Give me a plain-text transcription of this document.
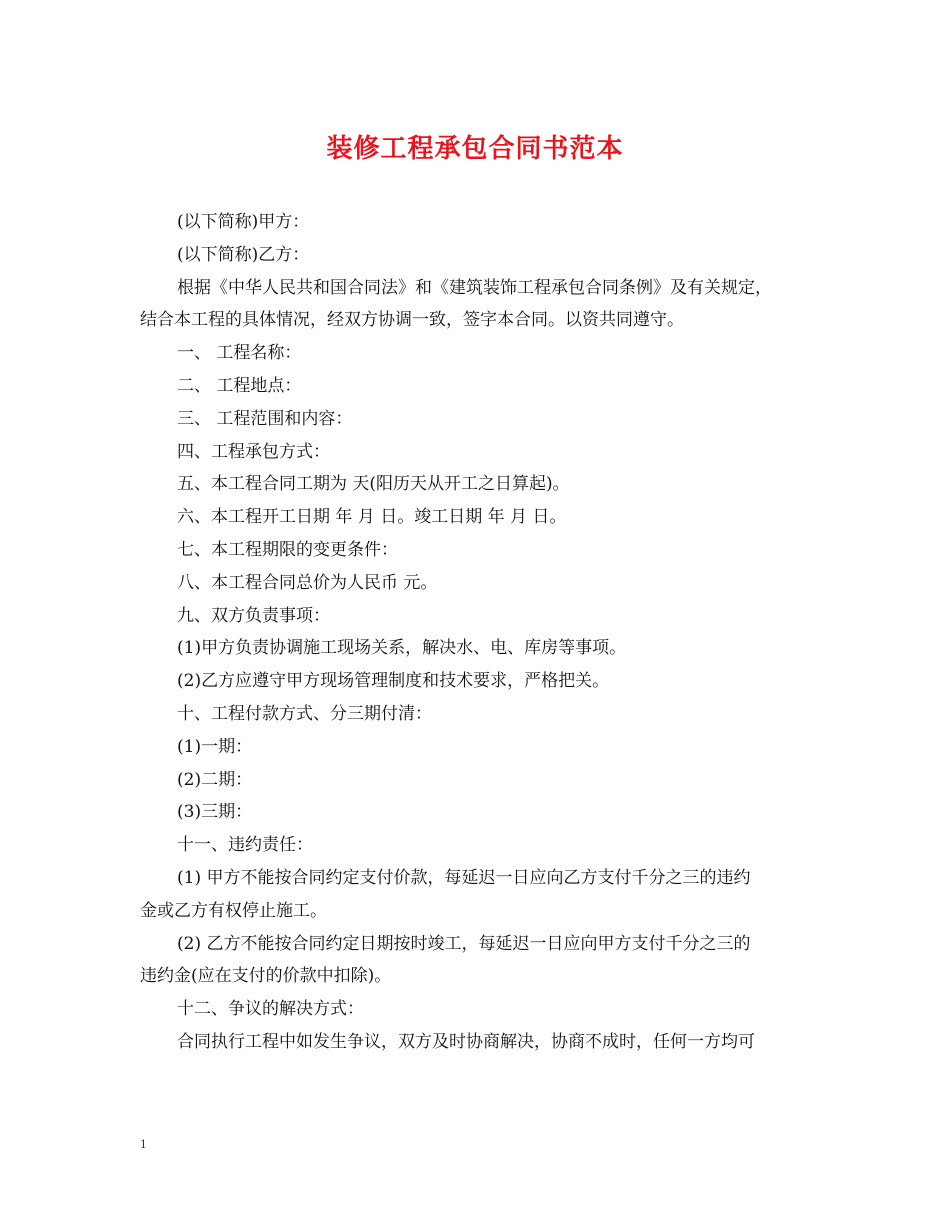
装修工程承包合同书范本

(以下简称)甲方：

(以下简称)乙方：

根据《中华人民共和国合同法》和《建筑装饰工程承包合同条例》及有关规定，

结合本工程的具体情况，经双方协调一致，签字本合同。以资共同遵守。

一、 工程名称：

二、 工程地点：

三、 工程范围和内容：

四、工程承包方式：

五、本工程合同工期为 天(阳历天从开工之日算起)。

六、本工程开工日期 年 月 日。竣工日期 年 月 日。

七、本工程期限的变更条件：

八、本工程合同总价为人民币 元。

九、双方负责事项：

(1)甲方负责协调施工现场关系，解决水、电、库房等事项。

(2)乙方应遵守甲方现场管理制度和技术要求，严格把关。

十、工程付款方式、分三期付清：

(1)一期：

(2)二期：

(3)三期：

十一、违约责任：

(1) 甲方不能按合同约定支付价款，每延迟一日应向乙方支付千分之三的违约

金或乙方有权停止施工。

(2) 乙方不能按合同约定日期按时竣工，每延迟一日应向甲方支付千分之三的

违约金(应在支付的价款中扣除)。

十二、争议的解决方式：

合同执行工程中如发生争议，双方及时协商解决，协商不成时，任何一方均可

1
